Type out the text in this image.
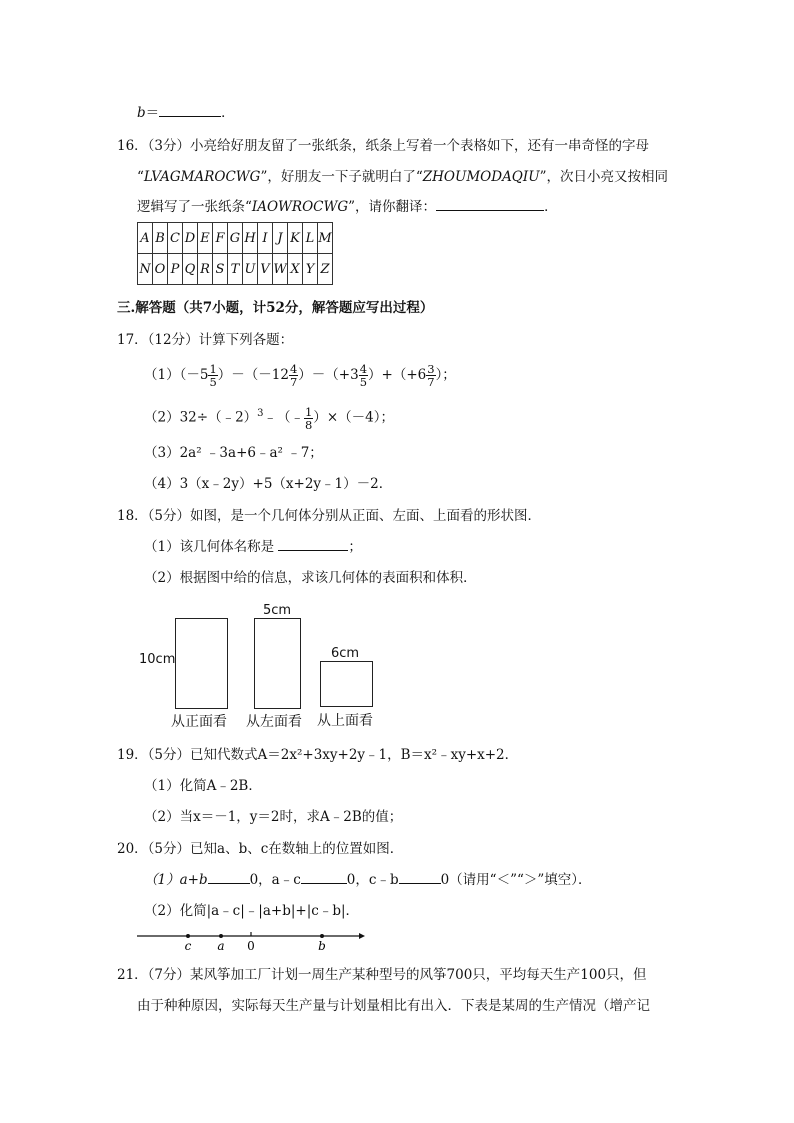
b＝	．
16．（3分）小亮给好朋友留了一张纸条，纸条上写着一个表格如下，还有一串奇怪的字母
“LVAGMAROCWG”，好朋友一下子就明白了“ZHOUMODAQIU”，次日小亮又按相同
逻辑写了一张纸条“IAOWROCWG”，请你翻译：	．
A	B	C	D	E	F	G	H	I	J	K	L	M
N	O	P	Q	R	S	T	U	V	W	X	Y	Z
三.解答题（共7小题，计52分，解答题应写出过程）
17．（12分）计算下列各题：
$(1)(-5 \frac{1}{5} )-(-12 \frac{4}{7} )-(+3 \frac{4}{5} )+(+6 \frac{3}{7}$ ）；
（2）32÷（﹣2）$^3$﹣（﹣ $\frac{1}{8} )\times(-4)$；
（3）2a² ﹣3a+6﹣a² ﹣7；
（4）3（x﹣2y）+5（x+2y﹣1）－2．
18．（5分）如图，是一个几何体分别从正面、左面、上面看的形状图．
（1）该几何体名称是	；
（2）根据图中给的信息，求该几何体的表面积和体积．
10cm
从正面看
5cm
从左面看
6cm
从上面看
19．（5分）已知代数式A＝2x²+3xy+2y﹣1，B＝x²﹣xy+x+2．
（1）化简A﹣2B．
（2）当x＝－1，y＝2时，求A﹣2B的值；
20．（5分）已知a、b、c在数轴上的位置如图．
（1）a+b	0，a﹣c	0，c﹣b	0（请用“＜”“＞”填空）．
（2）化简|a﹣c|﹣|a+b|+|c﹣b|．
c a 0	b
21．（7分）某风筝加工厂计划一周生产某种型号的风筝700只，平均每天生产100只，但
由于种种原因，实际每天生产量与计划量相比有出入．下表是某周的生产情况（增产记
